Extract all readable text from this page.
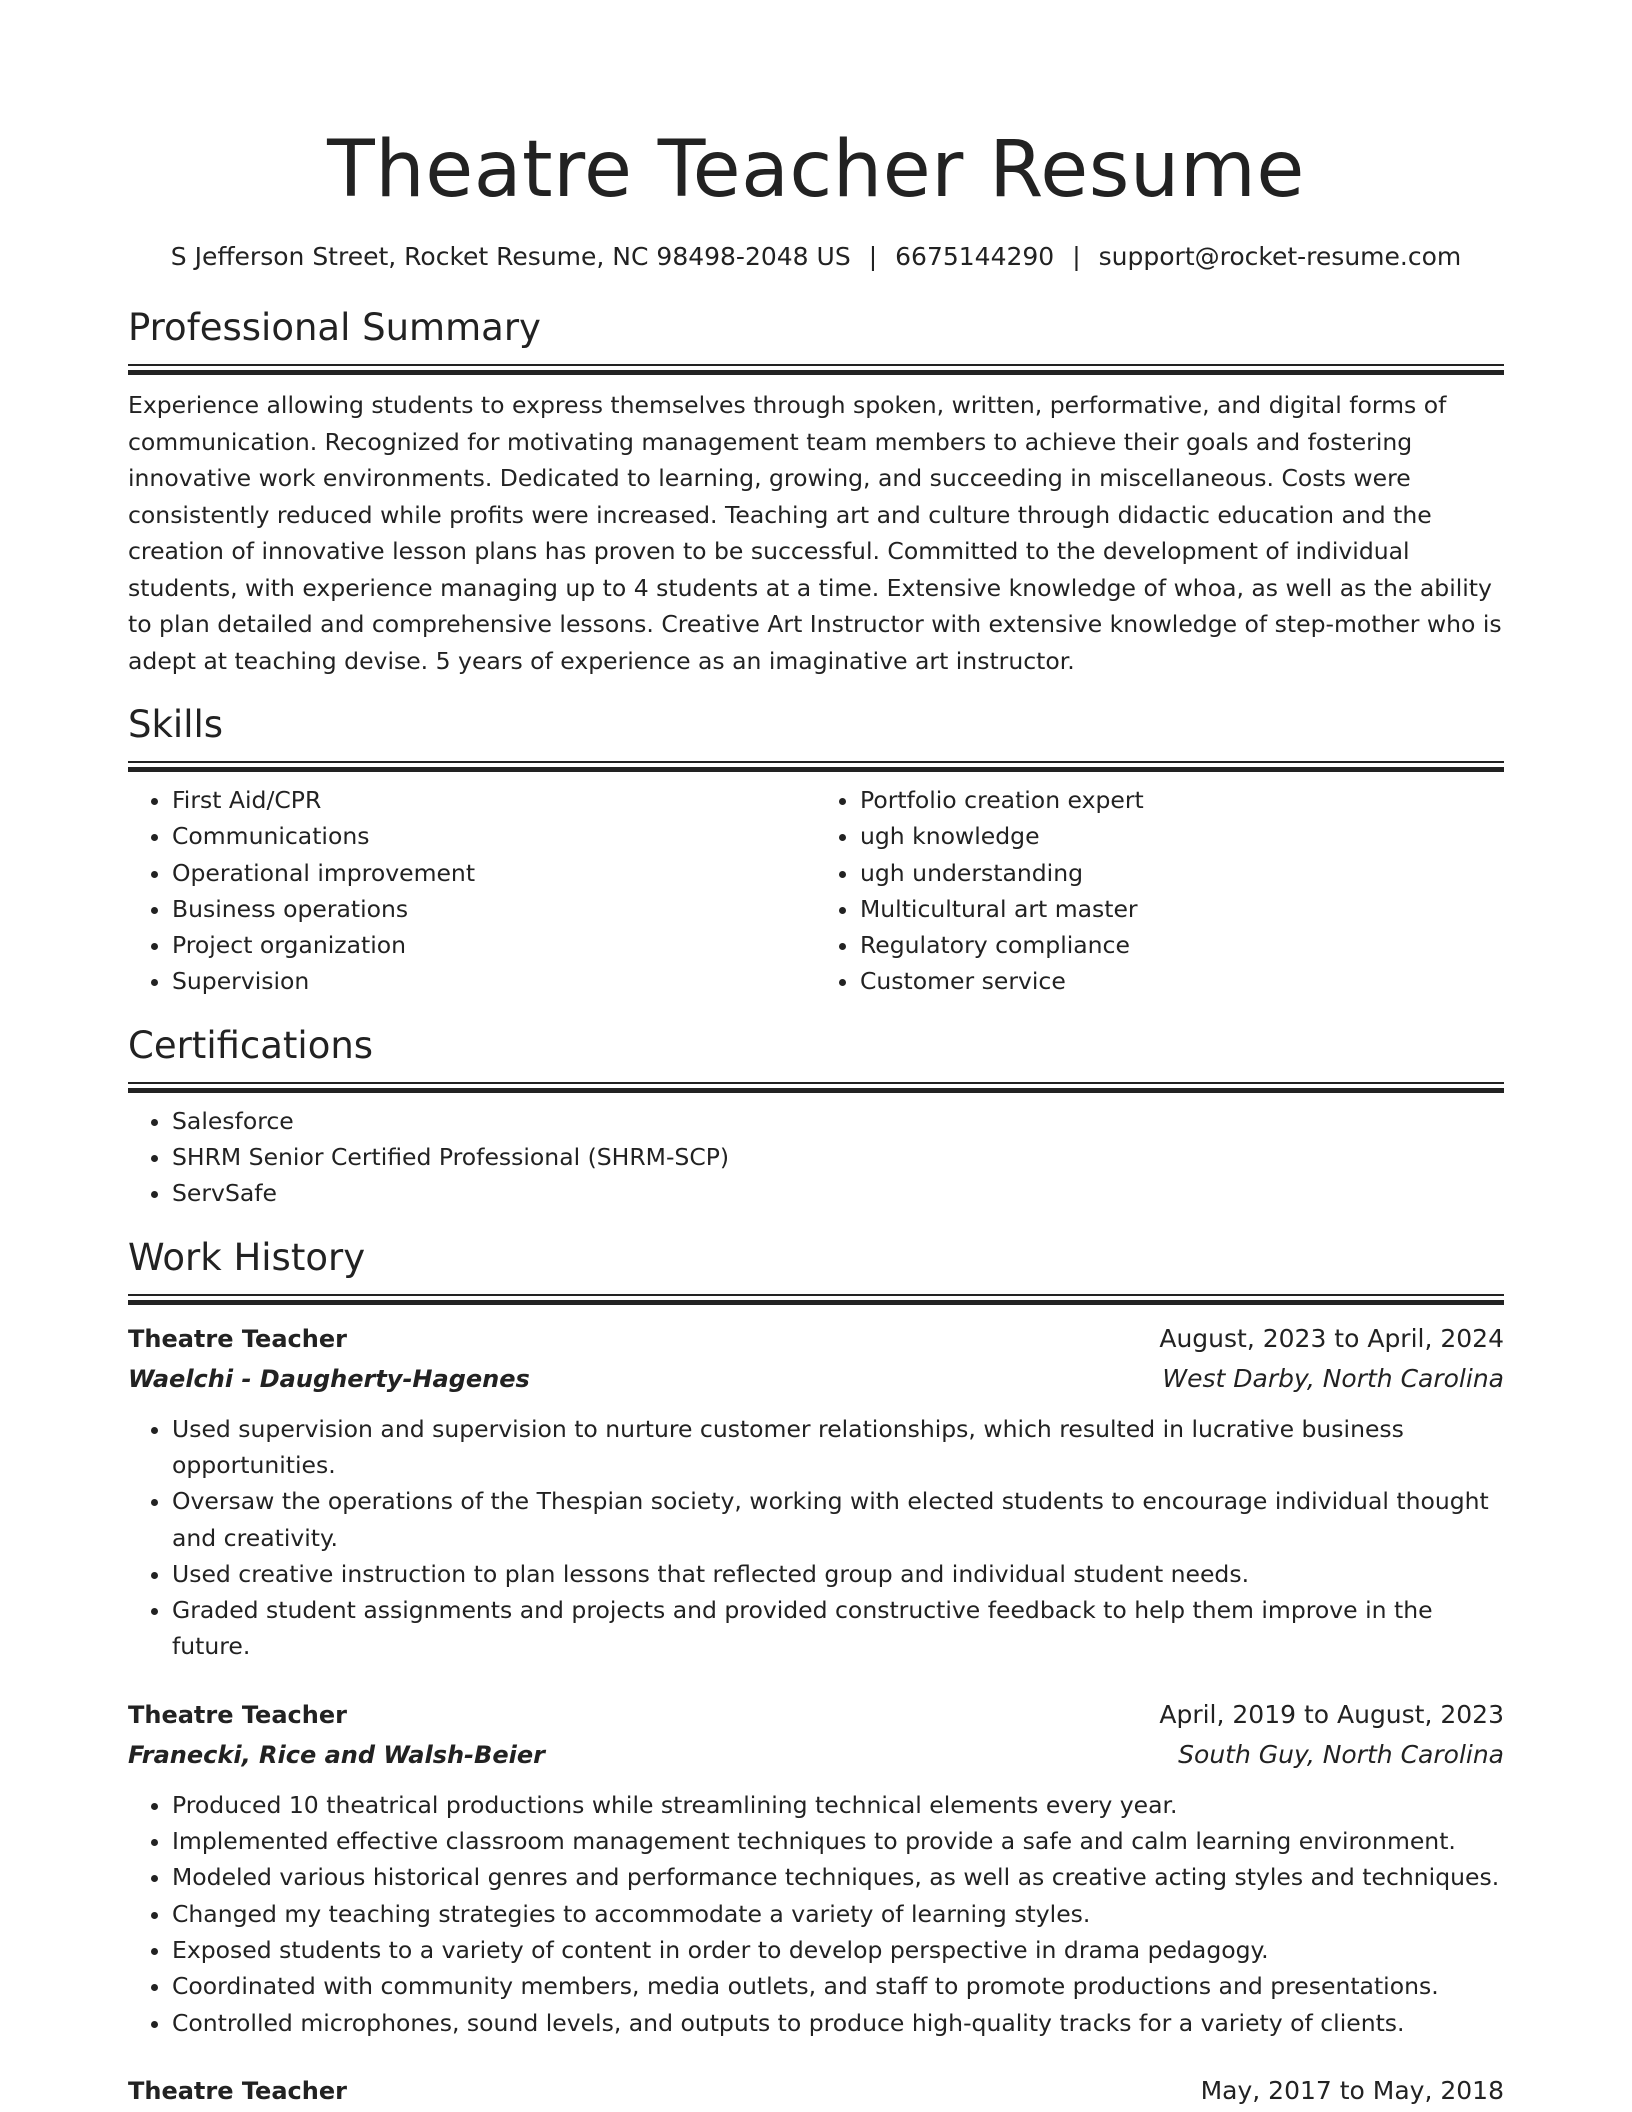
Theatre Teacher Resume
S Jefferson Street, Rocket Resume, NC 98498-2048 US | 6675144290 | support@rocket-resume.com
Professional Summary

Experience allowing students to express themselves through spoken, written, performative, and digital forms of communication. Recognized for motivating management team members to achieve their goals and fostering innovative work environments. Dedicated to learning, growing, and succeeding in miscellaneous. Costs were consistently reduced while profits were increased. Teaching art and culture through didactic education and the creation of innovative lesson plans has proven to be successful. Committed to the development of individual students, with experience managing up to 4 students at a time. Extensive knowledge of whoa, as well as the ability to plan detailed and comprehensive lessons. Creative Art Instructor with extensive knowledge of step-mother who is adept at teaching devise. 5 years of experience as an imaginative art instructor.

Skills
• First Aid/CPR
• Communications
• Operational improvement
• Business operations
• Project organization
• Supervision
• Portfolio creation expert
• ugh knowledge
• ugh understanding
• Multicultural art master
• Regulatory compliance
• Customer service
Certifications
• Salesforce
• SHRM Senior Certified Professional (SHRM-SCP)
• ServSafe
Work History
Theatre Teacher	August, 2023 to April, 2024
Waelchi - Daugherty-Hagenes	West Darby, North Carolina
• Used supervision and supervision to nurture customer relationships, which resulted in lucrative business opportunities.
• Oversaw the operations of the Thespian society, working with elected students to encourage individual thought and creativity.
• Used creative instruction to plan lessons that reflected group and individual student needs.
• Graded student assignments and projects and provided constructive feedback to help them improve in the future.
Theatre Teacher	April, 2019 to August, 2023
Franecki, Rice and Walsh-Beier	South Guy, North Carolina
• Produced 10 theatrical productions while streamlining technical elements every year.
• Implemented effective classroom management techniques to provide a safe and calm learning environment.
• Modeled various historical genres and performance techniques, as well as creative acting styles and techniques.
• Changed my teaching strategies to accommodate a variety of learning styles.
• Exposed students to a variety of content in order to develop perspective in drama pedagogy.
• Coordinated with community members, media outlets, and staff to promote productions and presentations.
• Controlled microphones, sound levels, and outputs to produce high-quality tracks for a variety of clients.
Theatre Teacher	May, 2017 to May, 2018
